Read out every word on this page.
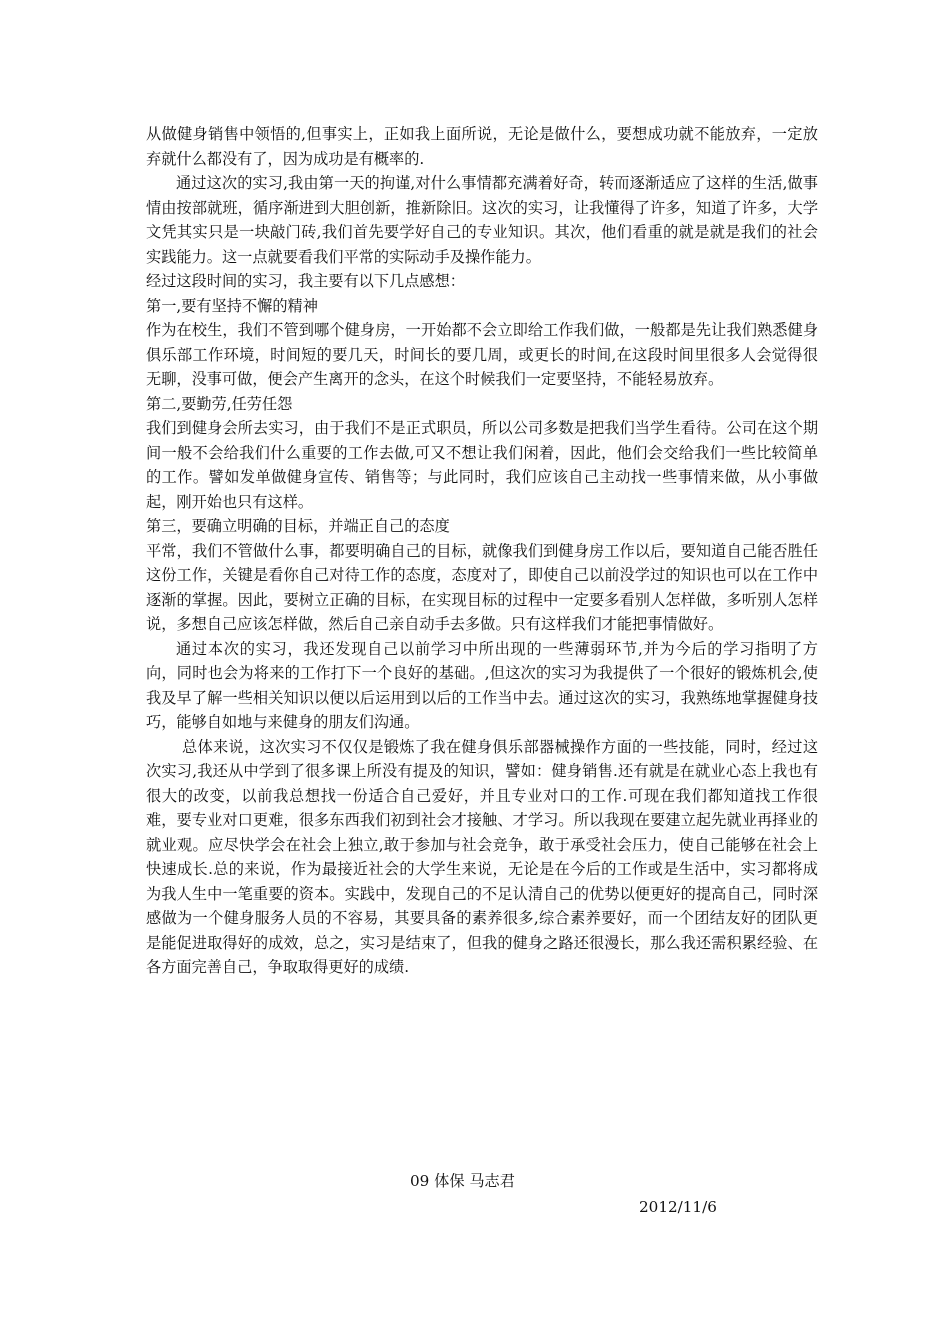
从做健身销售中领悟的,但事实上，正如我上面所说，无论是做什么，要想成功就不能放弃，一定放弃就什么都没有了，因为成功是有概率的.

通过这次的实习,我由第一天的拘谨,对什么事情都充满着好奇，转而逐渐适应了这样的生活,做事情由按部就班，循序渐进到大胆创新，推新除旧。这次的实习，让我懂得了许多，知道了许多，大学文凭其实只是一块敲门砖,我们首先要学好自己的专业知识。其次，他们看重的就是就是我们的社会实践能力。这一点就要看我们平常的实际动手及操作能力。

经过这段时间的实习，我主要有以下几点感想：

第一,要有坚持不懈的精神

作为在校生，我们不管到哪个健身房，一开始都不会立即给工作我们做，一般都是先让我们熟悉健身俱乐部工作环境，时间短的要几天，时间长的要几周，或更长的时间,在这段时间里很多人会觉得很无聊，没事可做，便会产生离开的念头，在这个时候我们一定要坚持，不能轻易放弃。

第二,要勤劳,任劳任怨

我们到健身会所去实习，由于我们不是正式职员，所以公司多数是把我们当学生看待。公司在这个期间一般不会给我们什么重要的工作去做,可又不想让我们闲着，因此，他们会交给我们一些比较简单的工作。譬如发单做健身宣传、销售等；与此同时，我们应该自己主动找一些事情来做，从小事做起，刚开始也只有这样。

第三，要确立明确的目标，并端正自己的态度

平常，我们不管做什么事，都要明确自己的目标，就像我们到健身房工作以后，要知道自己能否胜任这份工作，关键是看你自己对待工作的态度，态度对了，即使自己以前没学过的知识也可以在工作中逐渐的掌握。因此，要树立正确的目标，在实现目标的过程中一定要多看别人怎样做，多听别人怎样说，多想自己应该怎样做，然后自己亲自动手去多做。只有这样我们才能把事情做好。

通过本次的实习，我还发现自己以前学习中所出现的一些薄弱环节,并为今后的学习指明了方向，同时也会为将来的工作打下一个良好的基础。,但这次的实习为我提供了一个很好的锻炼机会,使我及早了解一些相关知识以便以后运用到以后的工作当中去。通过这次的实习，我熟练地掌握健身技巧，能够自如地与来健身的朋友们沟通。

总体来说，这次实习不仅仅是锻炼了我在健身俱乐部器械操作方面的一些技能，同时，经过这次实习,我还从中学到了很多课上所没有提及的知识，譬如：健身销售.还有就是在就业心态上我也有很大的改变，以前我总想找一份适合自己爱好，并且专业对口的工作.可现在我们都知道找工作很难，要专业对口更难，很多东西我们初到社会才接触、才学习。所以我现在要建立起先就业再择业的就业观。应尽快学会在社会上独立,敢于参加与社会竞争，敢于承受社会压力，使自己能够在社会上快速成长.总的来说，作为最接近社会的大学生来说，无论是在今后的工作或是生活中，实习都将成为我人生中一笔重要的资本。实践中，发现自己的不足认清自己的优势以便更好的提高自己，同时深感做为一个健身服务人员的不容易，其要具备的素养很多,综合素养要好，而一个团结友好的团队更是能促进取得好的成效，总之，实习是结束了，但我的健身之路还很漫长，那么我还需积累经验、在各方面完善自己，争取取得更好的成绩.

09 体保 马志君
2012/11/6
